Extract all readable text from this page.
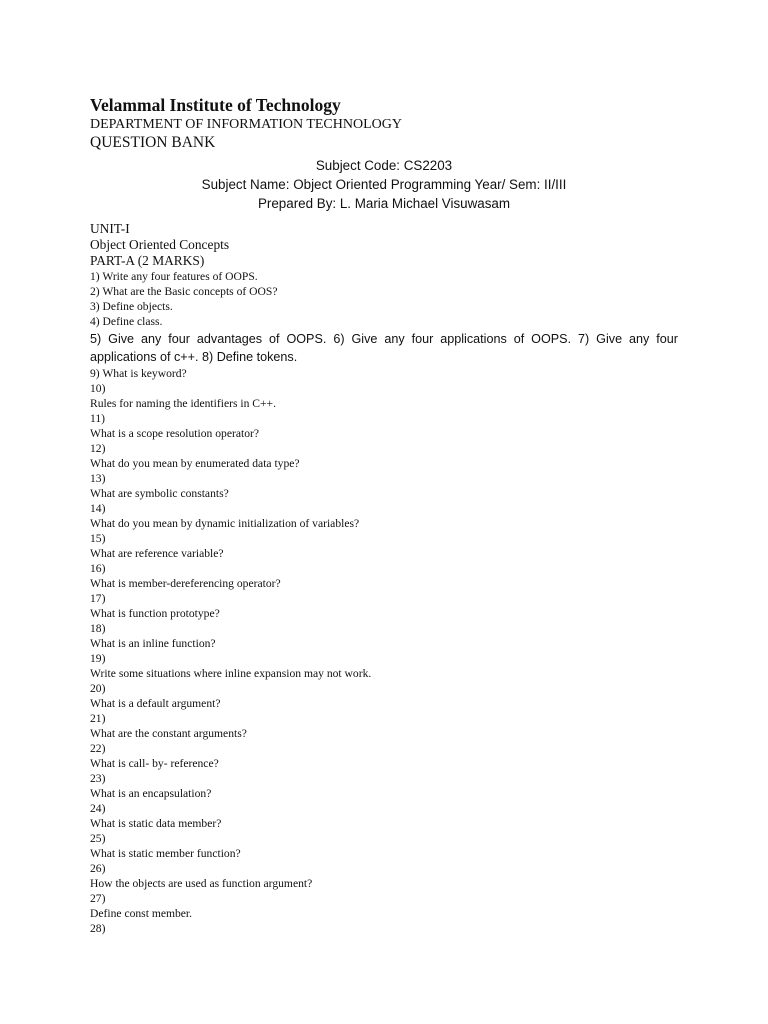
Velammal Institute of Technology
DEPARTMENT OF INFORMATION TECHNOLOGY
QUESTION BANK
Subject Code: CS2203
Subject Name: Object Oriented Programming Year/ Sem: II/III
Prepared By: L. Maria Michael Visuwasam
UNIT-I
Object Oriented Concepts
PART-A (2 MARKS)
1) Write any four features of OOPS.
2) What are the Basic concepts of OOS?
3) Define objects.
4) Define class.

5) Give any four advantages of OOPS. 6) Give any four applications of OOPS. 7) Give any four applications of c++. 8) Define tokens.

9) What is keyword?
10)
Rules for naming the identifiers in C++.
11)
What is a scope resolution operator?
12)
What do you mean by enumerated data type?
13)
What are symbolic constants?
14)
What do you mean by dynamic initialization of variables?
15)
What are reference variable?
16)
What is member-dereferencing operator?
17)
What is function prototype?
18)
What is an inline function?
19)
Write some situations where inline expansion may not work.
20)
What is a default argument?
21)
What are the constant arguments?
22)
What is call- by- reference?
23)
What is an encapsulation?
24)
What is static data member?
25)
What is static member function?
26)
How the objects are used as function argument?
27)
Define const member.
28)
